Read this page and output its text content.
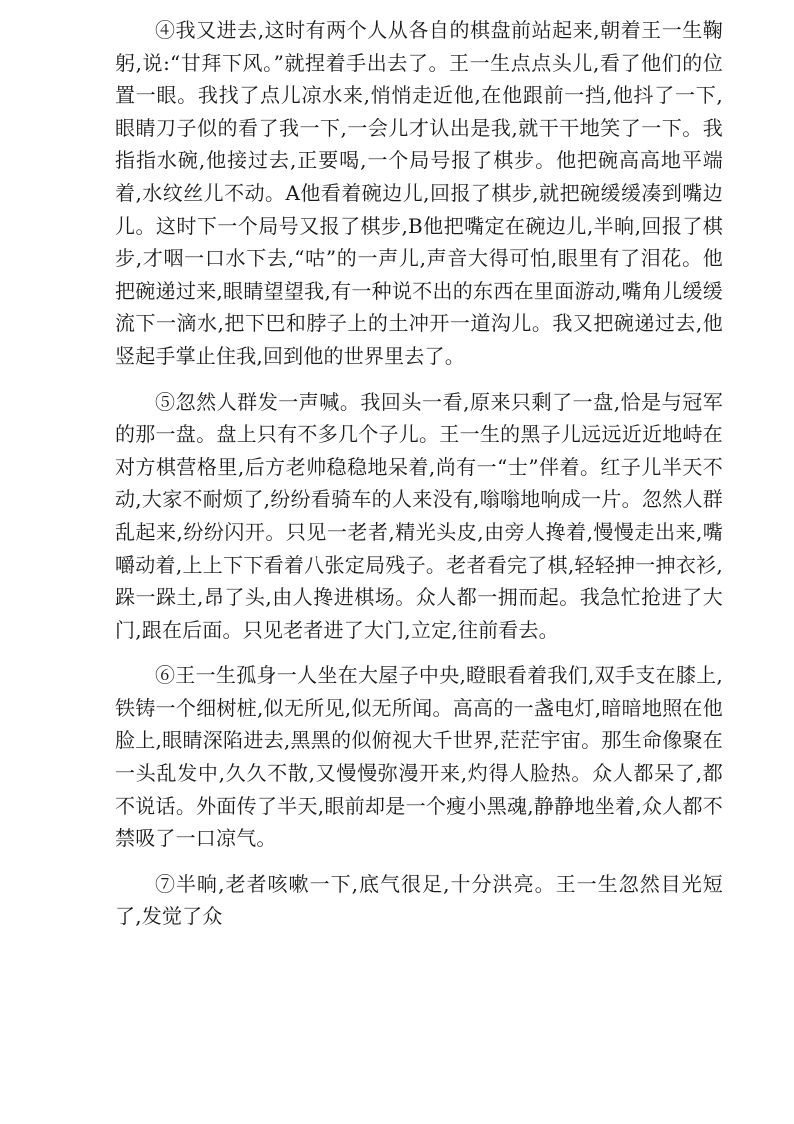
④我又进去,这时有两个人从各自的棋盘前站起来,朝着王一生鞠躬,说:“甘拜下风。”就捏着手出去了。王一生点点头儿,看了他们的位置一眼。我找了点儿凉水来,悄悄走近他,在他跟前一挡,他抖了一下,眼睛刀子似的看了我一下,一会儿才认出是我,就干干地笑了一下。我指指水碗,他接过去,正要喝,一个局号报了棋步。他把碗高高地平端着,水纹丝儿不动。A他看着碗边儿,回报了棋步,就把碗缓缓凑到嘴边儿。这时下一个局号又报了棋步,B他把嘴定在碗边儿,半晌,回报了棋步,才咽一口水下去,“咕”的一声儿,声音大得可怕,眼里有了泪花。他把碗递过来,眼睛望望我,有一种说不出的东西在里面游动,嘴角儿缓缓流下一滴水,把下巴和脖子上的土冲开一道沟儿。我又把碗递过去,他竖起手掌止住我,回到他的世界里去了。

⑤忽然人群发一声喊。我回头一看,原来只剩了一盘,恰是与冠军的那一盘。盘上只有不多几个子儿。王一生的黑子儿远远近近地峙在对方棋营格里,后方老帅稳稳地呆着,尚有一“士”伴着。红子儿半天不动,大家不耐烦了,纷纷看骑车的人来没有,嗡嗡地响成一片。忽然人群乱起来,纷纷闪开。只见一老者,精光头皮,由旁人搀着,慢慢走出来,嘴嚼动着,上上下下看着八张定局残子。老者看完了棋,轻轻抻一抻衣衫,跺一跺土,昂了头,由人搀进棋场。众人都一拥而起。我急忙抢进了大门,跟在后面。只见老者进了大门,立定,往前看去。

⑥王一生孤身一人坐在大屋子中央,瞪眼看着我们,双手支在膝上,铁铸一个细树桩,似无所见,似无所闻。高高的一盏电灯,暗暗地照在他脸上,眼睛深陷进去,黑黑的似俯视大千世界,茫茫宇宙。那生命像聚在一头乱发中,久久不散,又慢慢弥漫开来,灼得人脸热。众人都呆了,都不说话。外面传了半天,眼前却是一个瘦小黑魂,静静地坐着,众人都不禁吸了一口凉气。

⑦半晌,老者咳嗽一下,底气很足,十分洪亮。王一生忽然目光短了,发觉了众
